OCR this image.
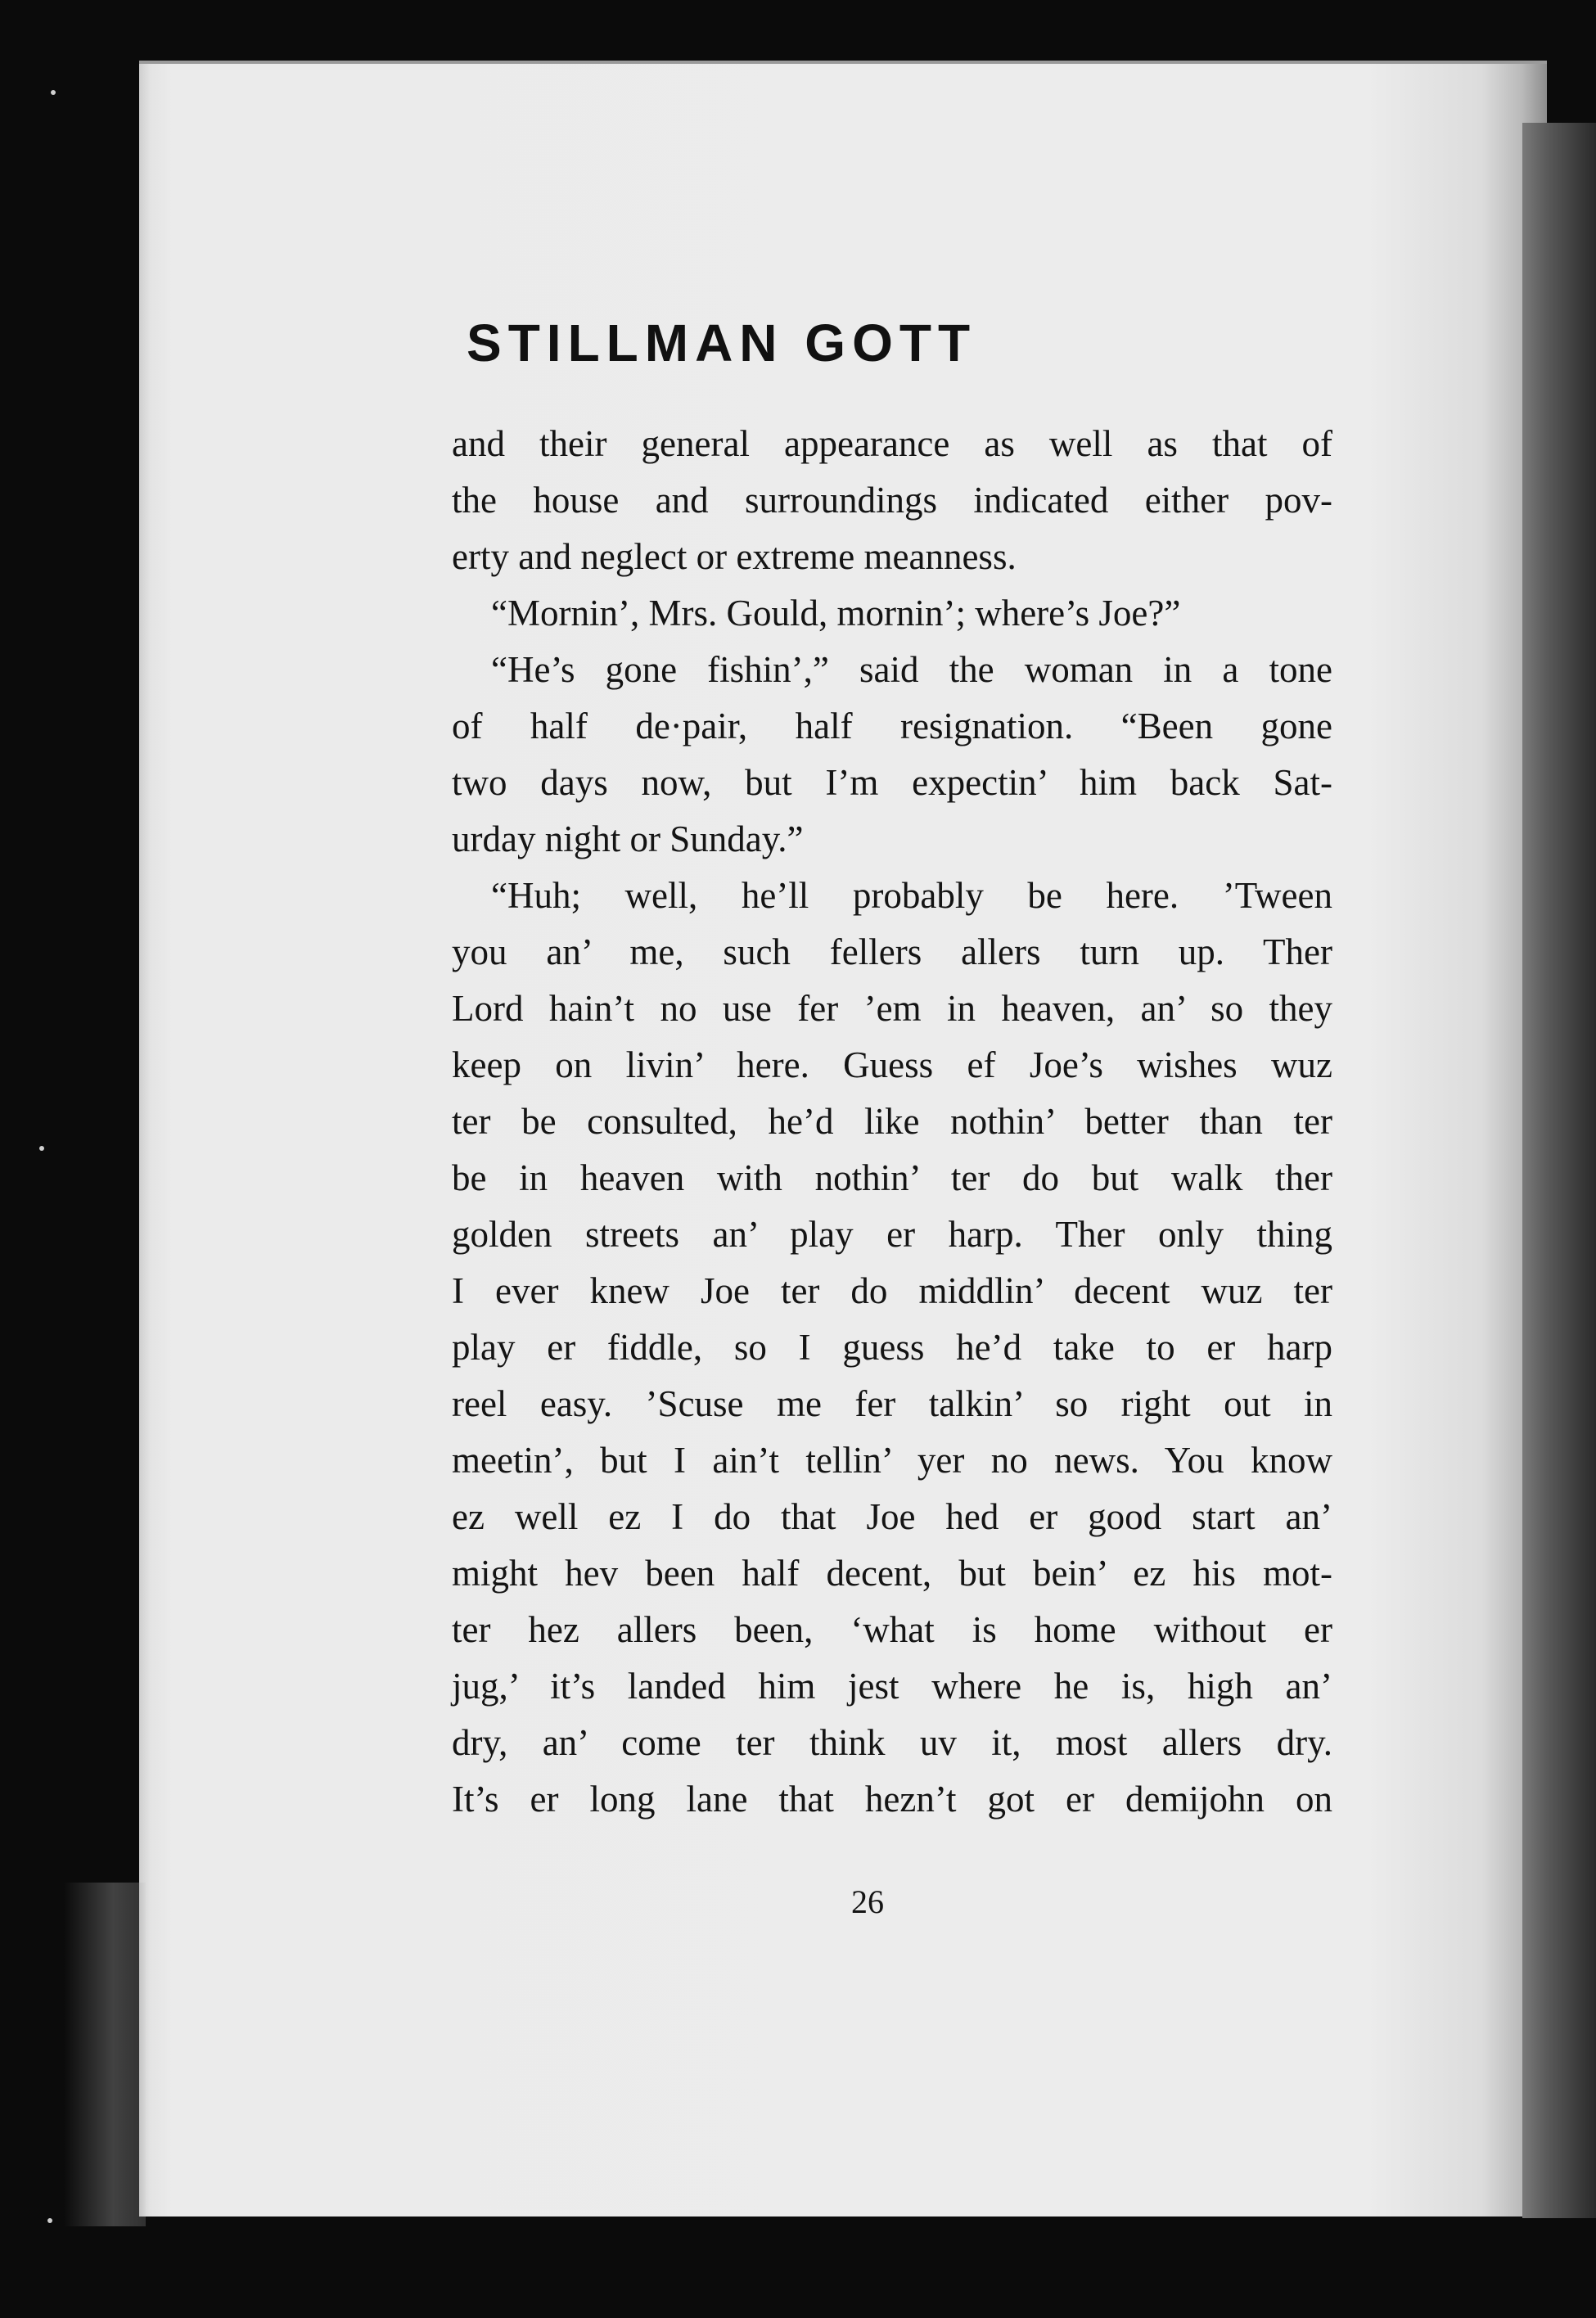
STILLMAN GOTT
and their general appearance as well as that of
the house and surroundings indicated either pov-
erty and neglect or extreme meanness.
“Mornin’, Mrs. Gould, mornin’; where’s Joe?”
“He’s gone fishin’,” said the woman in a tone
of half de·pair, half resignation. “Been gone
two days now, but I’m expectin’ him back Sat-
urday night or Sunday.”
“Huh; well, he’ll probably be here. ’Tween
you an’ me, such fellers allers turn up. Ther
Lord hain’t no use fer ’em in heaven, an’ so they
keep on livin’ here. Guess ef Joe’s wishes wuz
ter be consulted, he’d like nothin’ better than ter
be in heaven with nothin’ ter do but walk ther
golden streets an’ play er harp. Ther only thing
I ever knew Joe ter do middlin’ decent wuz ter
play er fiddle, so I guess he’d take to er harp
reel easy. ’Scuse me fer talkin’ so right out in
meetin’, but I ain’t tellin’ yer no news. You know
ez well ez I do that Joe hed er good start an’
might hev been half decent, but bein’ ez his mot-
ter hez allers been, ‘what is home without er
jug,’ it’s landed him jest where he is, high an’
dry, an’ come ter think uv it, most allers dry.
It’s er long lane that hezn’t got er demijohn on
26
